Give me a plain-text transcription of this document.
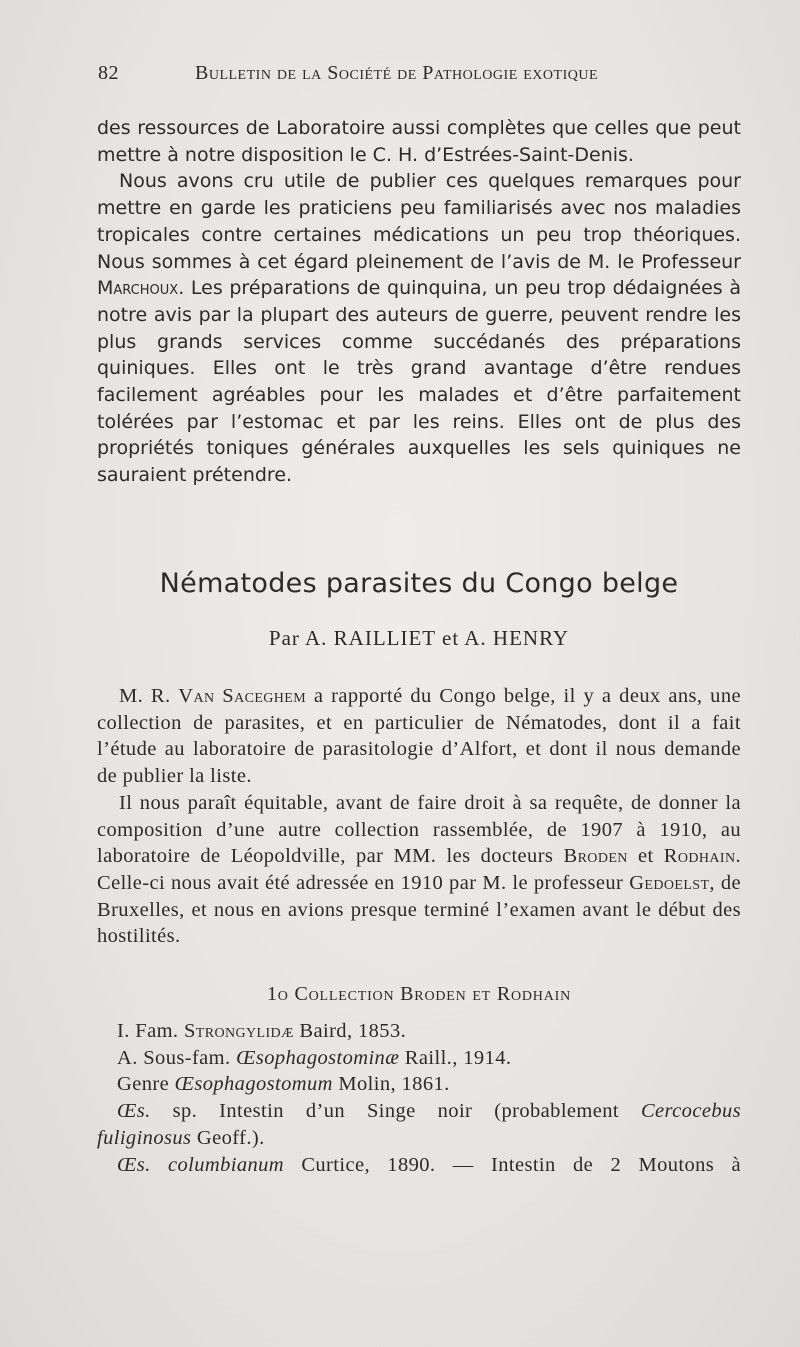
82	Bulletin de la Société de Pathologie exotique

des ressources de Laboratoire aussi complètes que celles que peut mettre à notre disposition le C. H. d’Estrées-Saint-Denis.

Nous avons cru utile de publier ces quelques remarques pour mettre en garde les praticiens peu familiarisés avec nos maladies tropicales contre certaines médications un peu trop théoriques. Nous sommes à cet égard pleinement de l’avis de M. le Professeur Marchoux. Les préparations de quinquina, un peu trop dédaignées à notre avis par la plupart des auteurs de guerre, peuvent rendre les plus grands services comme succédanés des préparations quiniques. Elles ont le très grand avantage d’être rendues facilement agréables pour les malades et d’être parfaitement tolérées par l’estomac et par les reins. Elles ont de plus des propriétés toniques générales auxquelles les sels quiniques ne sauraient prétendre.

Nématodes parasites du Congo belge
Par A. RAILLIET et A. HENRY

M. R. Van Saceghem a rapporté du Congo belge, il y a deux ans, une collection de parasites, et en particulier de Nématodes, dont il a fait l’étude au laboratoire de parasitologie d’Alfort, et dont il nous demande de publier la liste.

Il nous paraît équitable, avant de faire droit à sa requête, de donner la composition d’une autre collection rassemblée, de 1907 à 1910, au laboratoire de Léopoldville, par MM. les docteurs Broden et Rodhain. Celle-ci nous avait été adressée en 1910 par M. le professeur Gedoelst, de Bruxelles, et nous en avions presque terminé l’examen avant le début des hostilités.

1o Collection Broden et Rodhain
I. Fam. Strongylidæ Baird, 1853.
A. Sous-fam. Œsophagostominæ Raill., 1914.
Genre Œsophagostomum Molin, 1861.
Œs. sp. Intestin d’un Singe noir (probablement Cercocebus
fuliginosus Geoff.).
Œs. columbianum Curtice, 1890. — Intestin de 2 Moutons à
